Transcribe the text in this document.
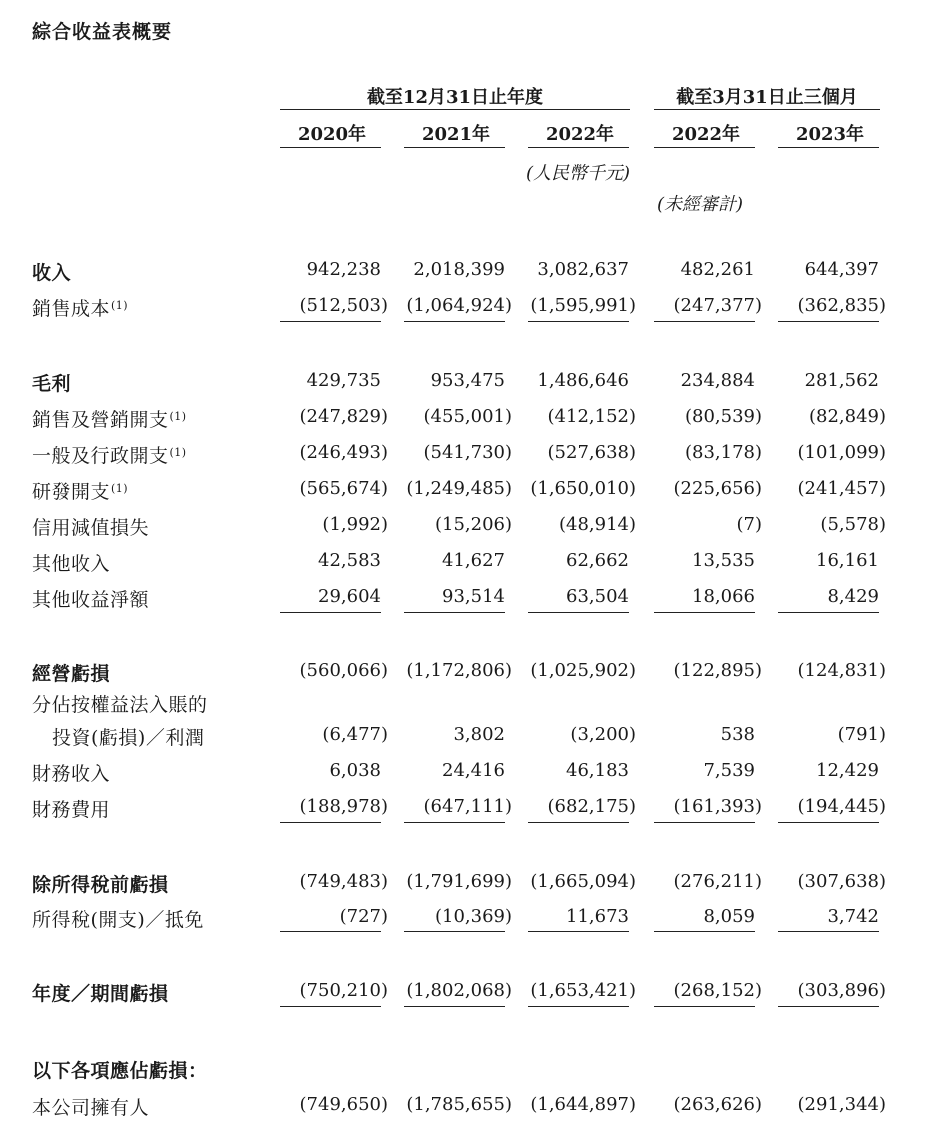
綜合收益表概要
截至12月31日止年度	截至3月31日止三個月
2020年	2021年	2022年	2022年	2023年
(人民幣千元)
(未經審計)
收入	942,238	2,018,399	3,082,637	482,261	644,397
銷售成本$^{(1)}$	(512,503) (1,064,924) (1,595,991)	(247,377)	(362,835)
毛利	429,735	953,475	1,486,646	234,884	281,562
銷售及營銷開支$^{(1)}$	(247,829)	(455,001)	(412,152)	(80,539)	(82,849)
一般及行政開支$^{(1)}$	(246,493)	(541,730)	(527,638)	(83,178)	(101,099)
研發開支$^{(1)}$	(565,674) (1,249,485) (1,650,010)	(225,656)	(241,457)
信用減值損失	(1,992)	(15,206)	(48,914)	(7)	(5,578)
其他收入	42,583	41,627	62,662	13,535	16,161
其他收益淨額	29,604	93,514	63,504	18,066	8,429
經營虧損	(560,066) (1,172,806) (1,025,902)	(122,895)	(124,831)
分佔按權益法入賬的
投資(虧損)／利潤	(6,477)	3,802	(3,200)	538	(791)
財務收入	6,038	24,416	46,183	7,539	12,429
財務費用	(188,978)	(647,111)	(682,175)	(161,393)	(194,445)
除所得稅前虧損	(749,483) (1,791,699) (1,665,094)	(276,211)	(307,638)
所得稅(開支)／抵免	(727)	(10,369)	11,673	8,059	3,742
年度／期間虧損	(750,210) (1,802,068) (1,653,421)	(268,152)	(303,896)
以下各項應佔虧損：
本公司擁有人	(749,650) (1,785,655) (1,644,897)	(263,626)	(291,344)
